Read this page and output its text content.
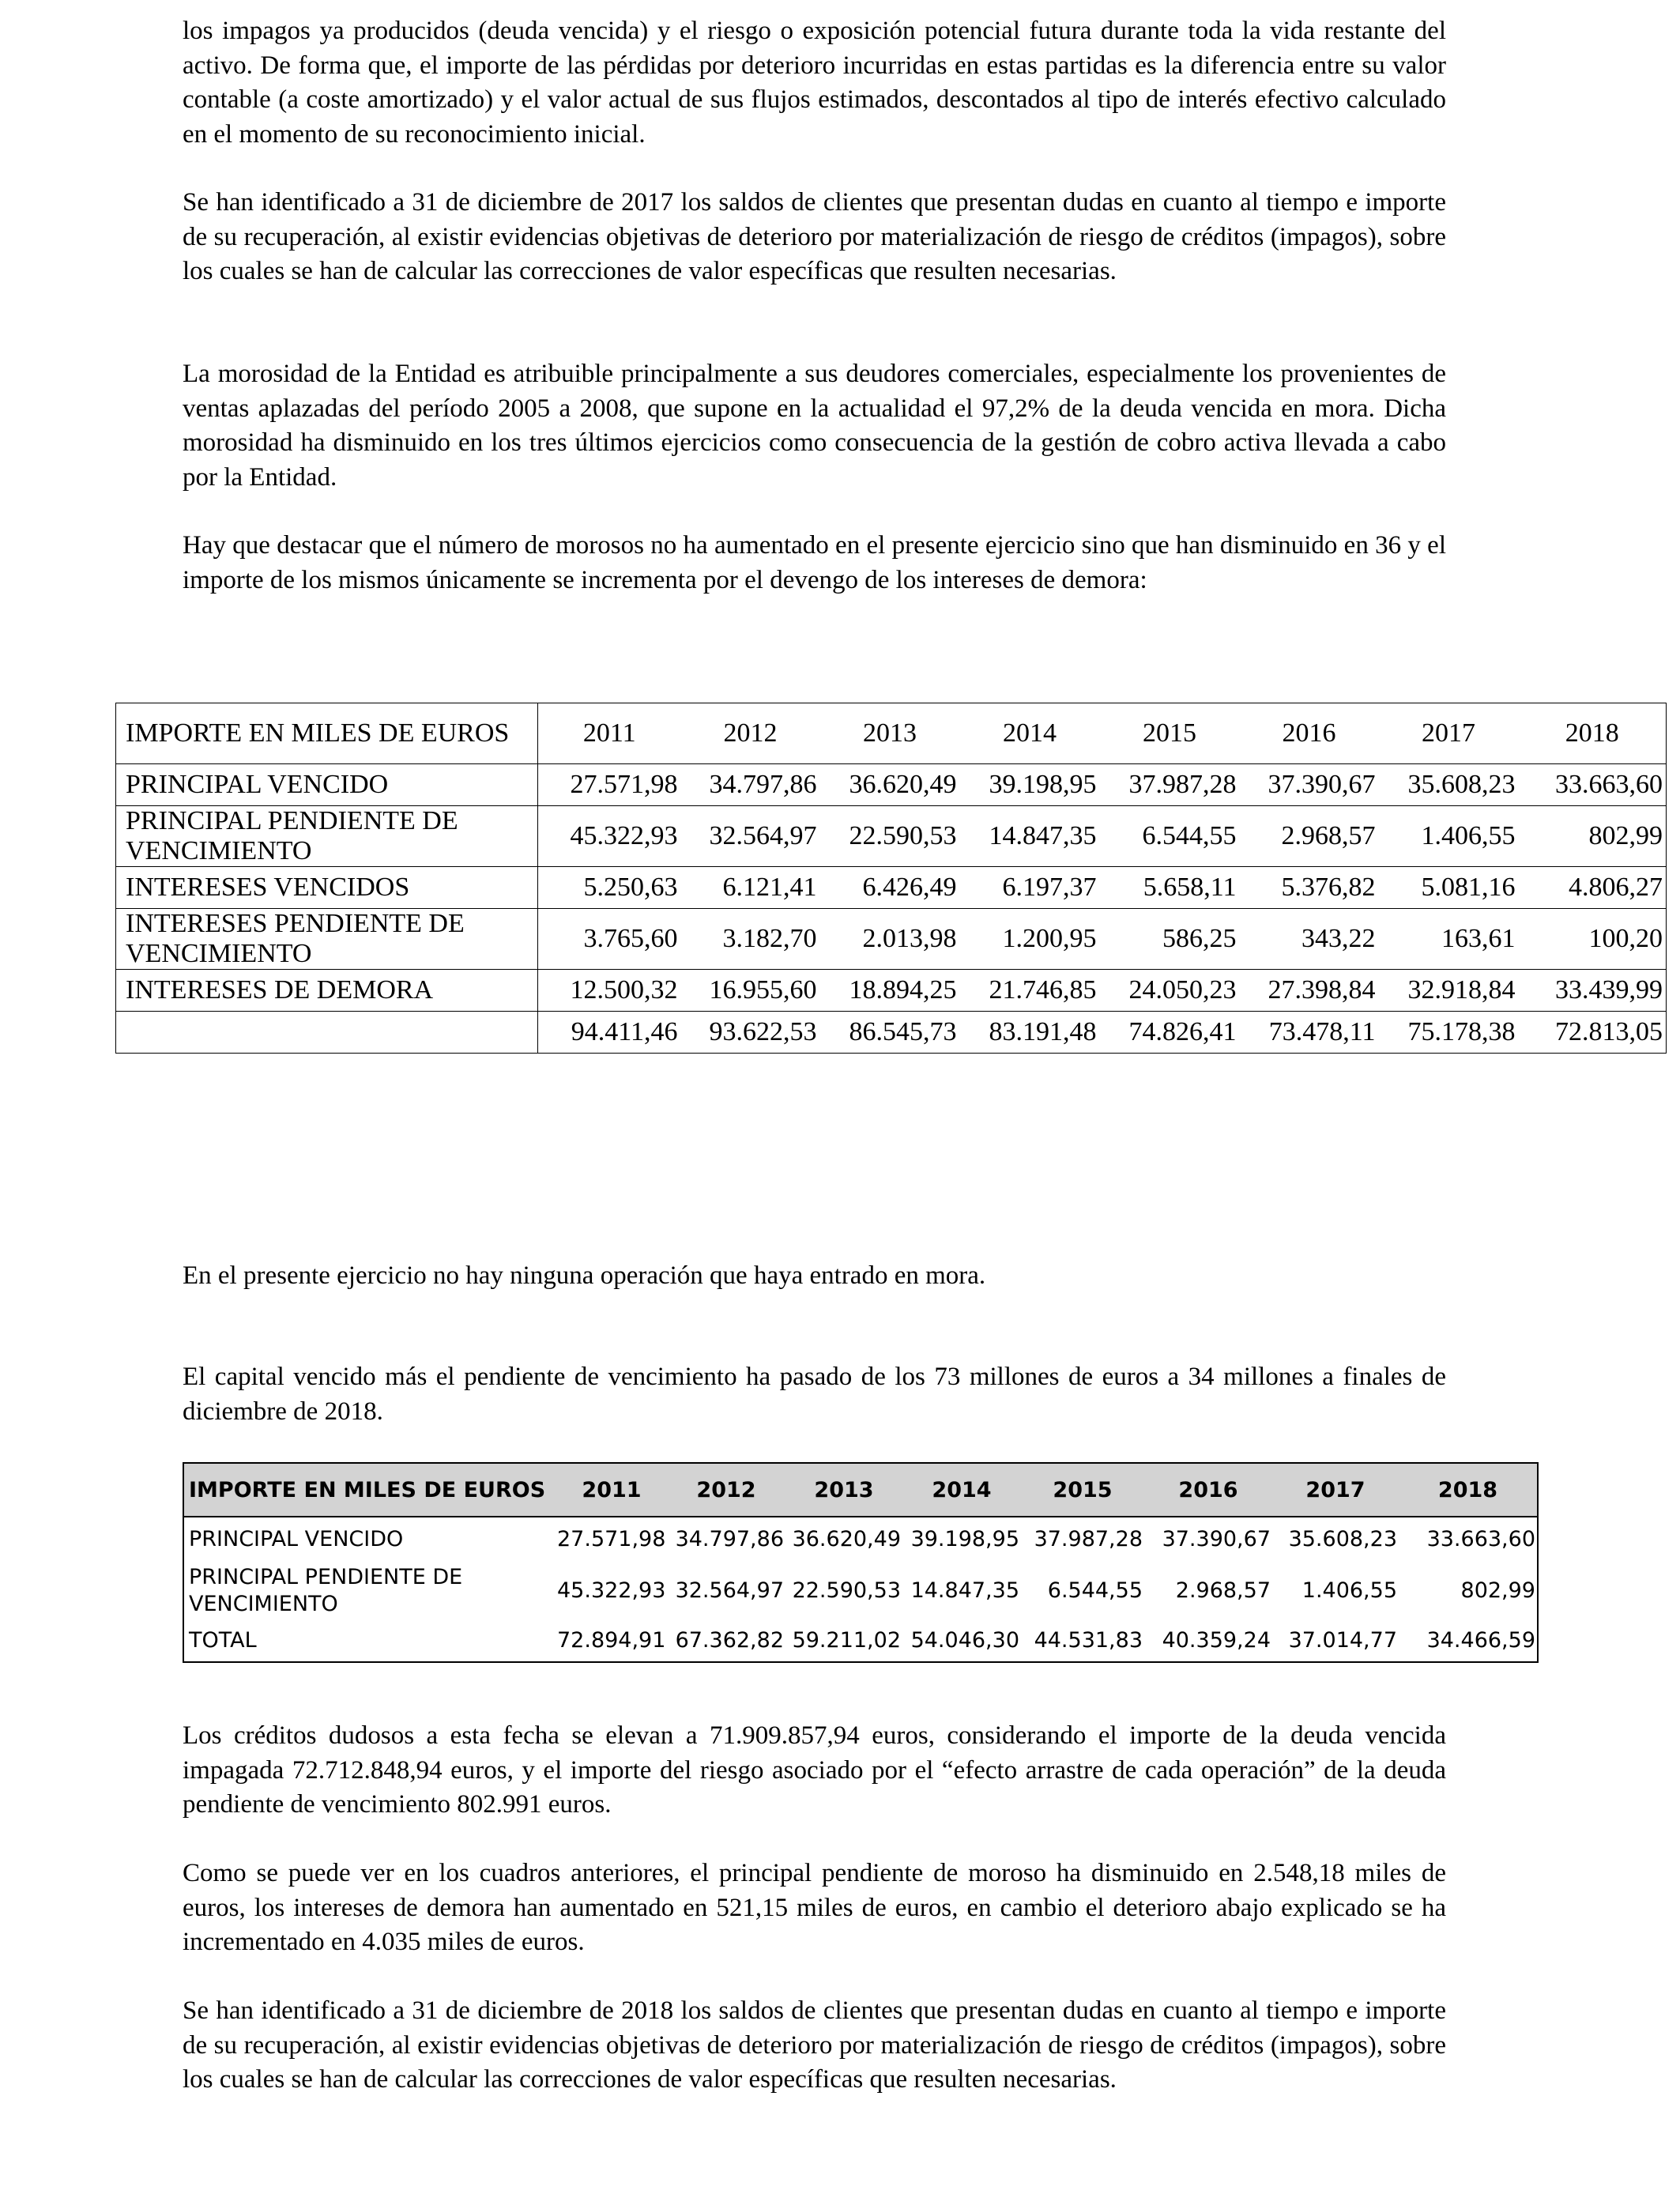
los impagos ya producidos (deuda vencida) y el riesgo o exposición potencial futura durante toda la vida restante del activo. De forma que, el importe de las pérdidas por deterioro incurridas en estas partidas es la diferencia entre su valor contable (a coste amortizado) y el valor actual de sus flujos estimados, descontados al tipo de interés efectivo calculado en el momento de su reconocimiento inicial.

Se han identificado a 31 de diciembre de 2017 los saldos de clientes que presentan dudas en cuanto al tiempo e importe de su recuperación, al existir evidencias objetivas de deterioro por materialización de riesgo de créditos (impagos), sobre los cuales se han de calcular las correcciones de valor específicas que resulten necesarias.

La morosidad de la Entidad es atribuible principalmente a sus deudores comerciales, especialmente los provenientes de ventas aplazadas del período 2005 a 2008, que supone en la actualidad el 97,2% de la deuda vencida en mora. Dicha morosidad ha disminuido en los tres últimos ejercicios como consecuencia de la gestión de cobro activa llevada a cabo por la Entidad.

Hay que destacar que el número de morosos no ha aumentado en el presente ejercicio sino que han disminuido en 36 y el importe de los mismos únicamente se incrementa por el devengo de los intereses de demora:

IMPORTE EN MILES DE EUROS	2011	2012	2013	2014	2015	2016	2017	2018
PRINCIPAL VENCIDO	27.571,98	34.797,86	36.620,49	39.198,95	37.987,28	37.390,67	35.608,23	33.663,60
PRINCIPAL PENDIENTE DE VENCIMIENTO	45.322,93	32.564,97	22.590,53	14.847,35	6.544,55	2.968,57	1.406,55	802,99
INTERESES VENCIDOS	5.250,63	6.121,41	6.426,49	6.197,37	5.658,11	5.376,82	5.081,16	4.806,27
INTERESES PENDIENTE DE VENCIMIENTO	3.765,60	3.182,70	2.013,98	1.200,95	586,25	343,22	163,61	100,20
INTERESES DE DEMORA	12.500,32	16.955,60	18.894,25	21.746,85	24.050,23	27.398,84	32.918,84	33.439,99
	94.411,46	93.622,53	86.545,73	83.191,48	74.826,41	73.478,11	75.178,38	72.813,05

En el presente ejercicio no hay ninguna operación que haya entrado en mora.

El capital vencido más el pendiente de vencimiento ha pasado de los 73 millones de euros a 34 millones a finales de diciembre de 2018.

IMPORTE EN MILES DE EUROS	2011	2012	2013	2014	2015	2016	2017	2018
PRINCIPAL VENCIDO	27.571,98	34.797,86	36.620,49	39.198,95	37.987,28	37.390,67	35.608,23	33.663,60
PRINCIPAL PENDIENTE DE VENCIMIENTO	45.322,93	32.564,97	22.590,53	14.847,35	6.544,55	2.968,57	1.406,55	802,99
TOTAL	72.894,91	67.362,82	59.211,02	54.046,30	44.531,83	40.359,24	37.014,77	34.466,59

Los créditos dudosos a esta fecha se elevan a 71.909.857,94 euros, considerando el importe de la deuda vencida impagada 72.712.848,94 euros, y el importe del riesgo asociado por el “efecto arrastre de cada operación” de la deuda pendiente de vencimiento 802.991 euros.

Como se puede ver en los cuadros anteriores, el principal pendiente de moroso ha disminuido en 2.548,18 miles de euros, los intereses de demora han aumentado en 521,15 miles de euros, en cambio el deterioro abajo explicado se ha incrementado en 4.035 miles de euros.

Se han identificado a 31 de diciembre de 2018 los saldos de clientes que presentan dudas en cuanto al tiempo e importe de su recuperación, al existir evidencias objetivas de deterioro por materialización de riesgo de créditos (impagos), sobre los cuales se han de calcular las correcciones de valor específicas que resulten necesarias.
